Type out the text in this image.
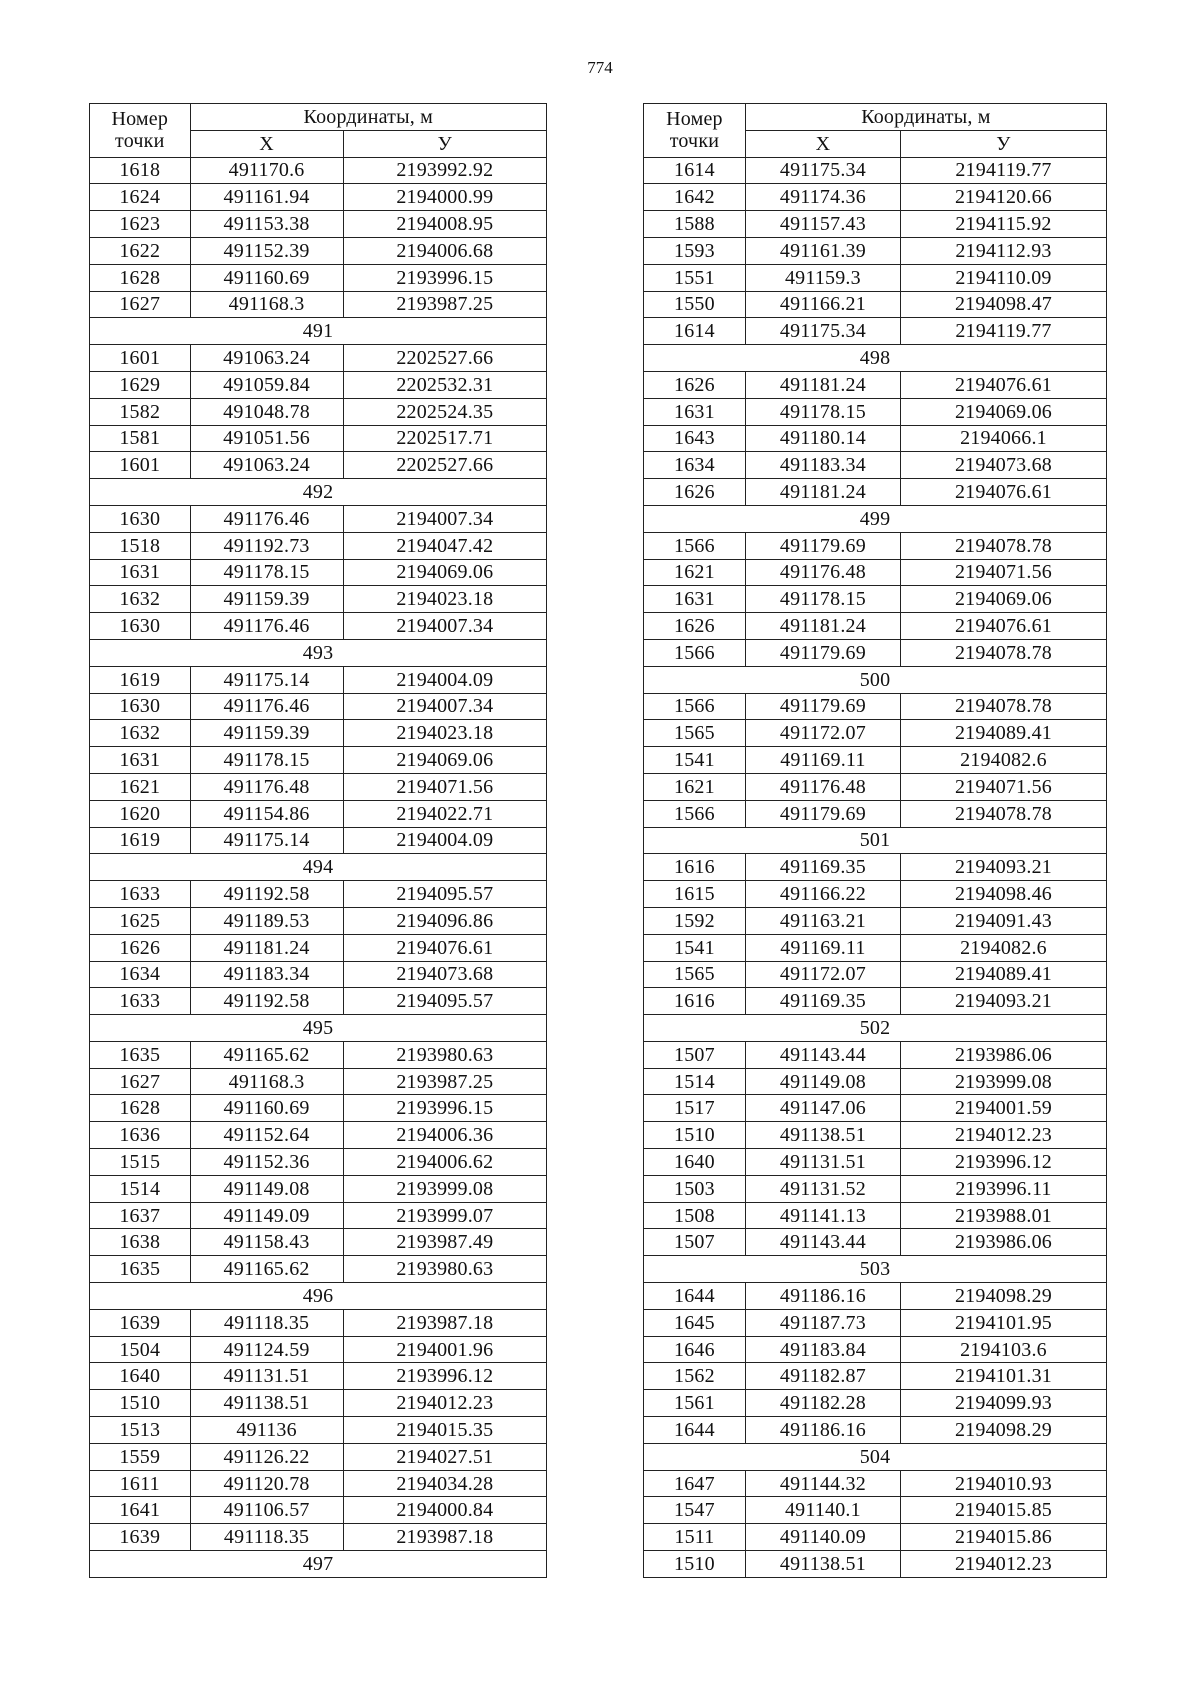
774
Номер
точки	Координаты, м	
	Х	У
1618	491170.6	2193992.92
1624	491161.94	2194000.99
1623	491153.38	2194008.95
1622	491152.39	2194006.68
1628	491160.69	2193996.15
1627	491168.3	2193987.25
491		
1601	491063.24	2202527.66
1629	491059.84	2202532.31
1582	491048.78	2202524.35
1581	491051.56	2202517.71
1601	491063.24	2202527.66
492		
1630	491176.46	2194007.34
1518	491192.73	2194047.42
1631	491178.15	2194069.06
1632	491159.39	2194023.18
1630	491176.46	2194007.34
493		
1619	491175.14	2194004.09
1630	491176.46	2194007.34
1632	491159.39	2194023.18
1631	491178.15	2194069.06
1621	491176.48	2194071.56
1620	491154.86	2194022.71
1619	491175.14	2194004.09
494		
1633	491192.58	2194095.57
1625	491189.53	2194096.86
1626	491181.24	2194076.61
1634	491183.34	2194073.68
1633	491192.58	2194095.57
495		
1635	491165.62	2193980.63
1627	491168.3	2193987.25
1628	491160.69	2193996.15
1636	491152.64	2194006.36
1515	491152.36	2194006.62
1514	491149.08	2193999.08
1637	491149.09	2193999.07
1638	491158.43	2193987.49
1635	491165.62	2193980.63
496		
1639	491118.35	2193987.18
1504	491124.59	2194001.96
1640	491131.51	2193996.12
1510	491138.51	2194012.23
1513	491136	2194015.35
1559	491126.22	2194027.51
1611	491120.78	2194034.28
1641	491106.57	2194000.84
1639	491118.35	2193987.18
497		
Номер
точки	Координаты, м	
	Х	У
1614	491175.34	2194119.77
1642	491174.36	2194120.66
1588	491157.43	2194115.92
1593	491161.39	2194112.93
1551	491159.3	2194110.09
1550	491166.21	2194098.47
1614	491175.34	2194119.77
498		
1626	491181.24	2194076.61
1631	491178.15	2194069.06
1643	491180.14	2194066.1
1634	491183.34	2194073.68
1626	491181.24	2194076.61
499		
1566	491179.69	2194078.78
1621	491176.48	2194071.56
1631	491178.15	2194069.06
1626	491181.24	2194076.61
1566	491179.69	2194078.78
500		
1566	491179.69	2194078.78
1565	491172.07	2194089.41
1541	491169.11	2194082.6
1621	491176.48	2194071.56
1566	491179.69	2194078.78
501		
1616	491169.35	2194093.21
1615	491166.22	2194098.46
1592	491163.21	2194091.43
1541	491169.11	2194082.6
1565	491172.07	2194089.41
1616	491169.35	2194093.21
502		
1507	491143.44	2193986.06
1514	491149.08	2193999.08
1517	491147.06	2194001.59
1510	491138.51	2194012.23
1640	491131.51	2193996.12
1503	491131.52	2193996.11
1508	491141.13	2193988.01
1507	491143.44	2193986.06
503		
1644	491186.16	2194098.29
1645	491187.73	2194101.95
1646	491183.84	2194103.6
1562	491182.87	2194101.31
1561	491182.28	2194099.93
1644	491186.16	2194098.29
504		
1647	491144.32	2194010.93
1547	491140.1	2194015.85
1511	491140.09	2194015.86
1510	491138.51	2194012.23
